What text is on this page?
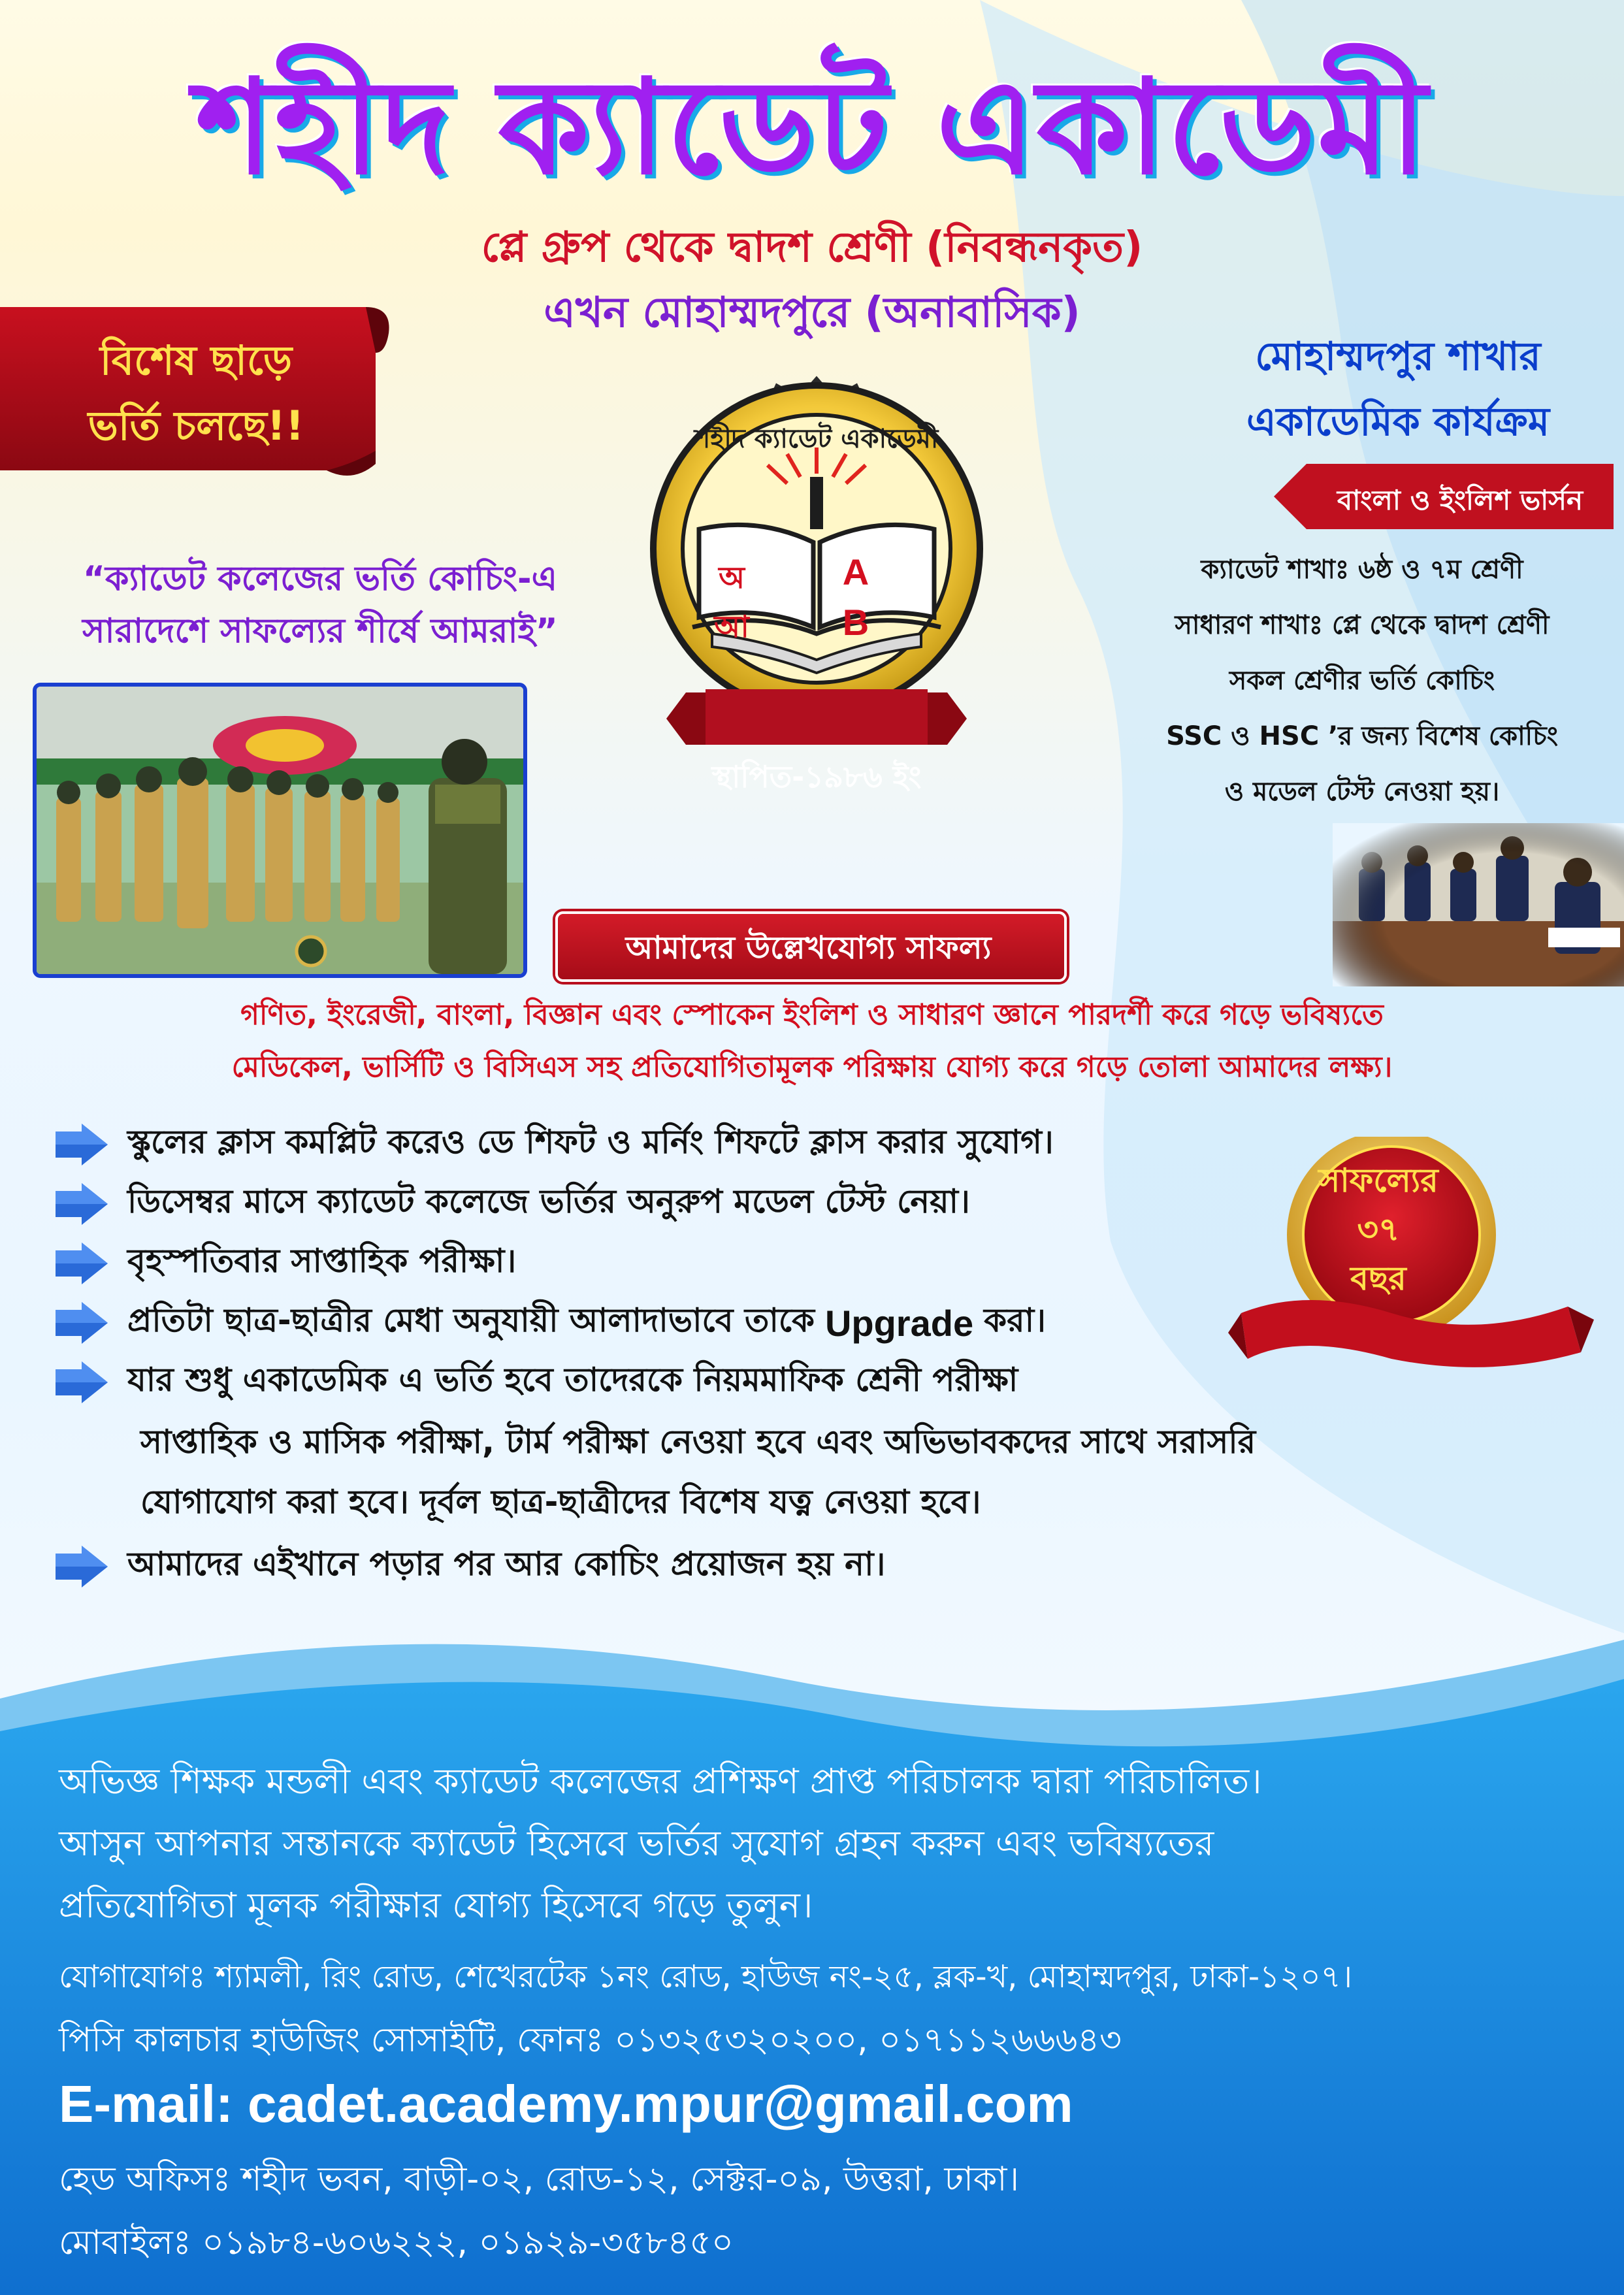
শহীদ ক্যাডেট একাডেমী
প্লে গ্রুপ থেকে দ্বাদশ শ্রেণী (নিবন্ধনকৃত)
এখন মোহাম্মদপুরে (অনাবাসিক)
বিশেষ ছাড়ে
ভর্তি চলছে!!
“ক্যাডেট কলেজের ভর্তি কোচিং-এ
সারাদেশে সাফল্যের শীর্ষে আমরাই”
অ
আ
A
B
শহীদ ক্যাডেট একাডেমী
স্থাপিত-১৯৮৬ ইং
মোহাম্মদপুর শাখার
একাডেমিক কার্যক্রম
বাংলা ও ইংলিশ ভার্সন
ক্যাডেট শাখাঃ ৬ষ্ঠ ও ৭ম শ্রেণী
সাধারণ শাখাঃ প্লে থেকে দ্বাদশ শ্রেণী
সকল শ্রেণীর ভর্তি কোচিং
SSC ও HSC ’র জন্য বিশেষ কোচিং
ও মডেল টেস্ট নেওয়া হয়।
আমাদের উল্লেখযোগ্য সাফল্য
গণিত, ইংরেজী, বাংলা, বিজ্ঞান এবং স্পোকেন ইংলিশ ও সাধারণ জ্ঞানে পারদর্শী করে গড়ে ভবিষ্যতে
মেডিকেল, ভার্সিটি ও বিসিএস সহ প্রতিযোগিতামূলক পরিক্ষায় যোগ্য করে গড়ে তোলা আমাদের লক্ষ্য।
স্কুলের ক্লাস কমপ্লিট করেও ডে শিফট ও মর্নিং শিফটে ক্লাস করার সুযোগ।
ডিসেম্বর মাসে ক্যাডেট কলেজে ভর্তির অনুরুপ মডেল টেস্ট নেয়া।
বৃহস্পতিবার সাপ্তাহিক পরীক্ষা।
প্রতিটা ছাত্র-ছাত্রীর মেধা অনুযায়ী আলাদাভাবে তাকে Upgrade করা।
যার শুধু একাডেমিক এ ভর্তি হবে তাদেরকে নিয়মমাফিক শ্রেনী পরীক্ষা
সাপ্তাহিক ও মাসিক পরীক্ষা, টার্ম পরীক্ষা নেওয়া হবে এবং অভিভাবকদের সাথে সরাসরি
যোগাযোগ করা হবে। দূর্বল ছাত্র-ছাত্রীদের বিশেষ যত্ন নেওয়া হবে।
আমাদের এইখানে পড়ার পর আর কোচিং প্রয়োজন হয় না।
সাফল্যের
৩৭
বছর
অভিজ্ঞ শিক্ষক মন্ডলী এবং ক্যাডেট কলেজের প্রশিক্ষণ প্রাপ্ত পরিচালক দ্বারা পরিচালিত।
আসুন আপনার সন্তানকে ক্যাডেট হিসেবে ভর্তির সুযোগ গ্রহন করুন এবং ভবিষ্যতের
প্রতিযোগিতা মূলক পরীক্ষার যোগ্য হিসেবে গড়ে তুলুন।
যোগাযোগঃ শ্যামলী, রিং রোড, শেখেরটেক ১নং রোড, হাউজ নং-২৫, ব্লক-খ, মোহাম্মদপুর, ঢাকা-১২০৭।
পিসি কালচার হাউজিং সোসাইটি, ফোনঃ ০১৩২৫৩২০২০০, ০১৭১১২৬৬৬৪৩
E-mail: cadet.academy.mpur@gmail.com
হেড অফিসঃ শহীদ ভবন, বাড়ী-০২, রোড-১২, সেক্টর-০৯, উত্তরা, ঢাকা।
মোবাইলঃ ০১৯৮৪-৬০৬২২২, ০১৯২৯-৩৫৮৪৫০
